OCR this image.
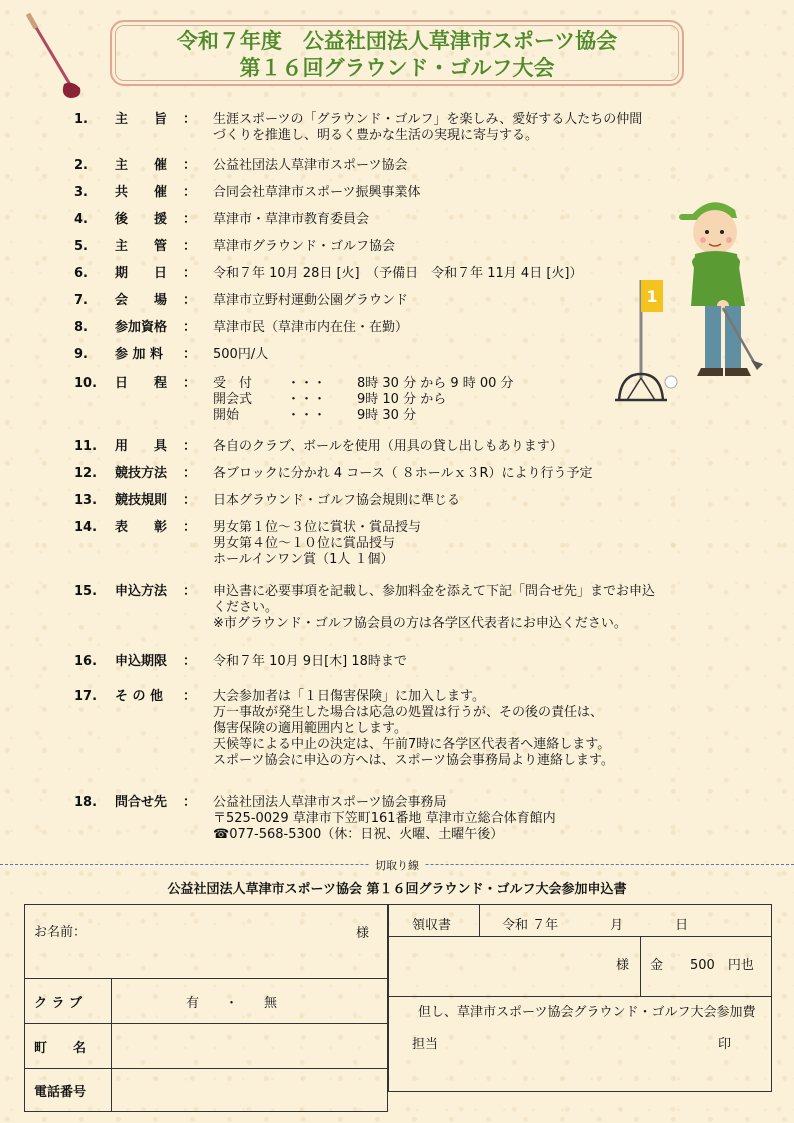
1
令和７年度　公益社団法人草津市スポーツ協会
第１６回グラウンド・ゴルフ大会
1. 主　　旨	： 生涯スポーツの「グラウンド・ゴルフ」を楽しみ、愛好する人たちの仲間
づくりを推進し、明るく豊かな生活の実現に寄与する。
2. 主　　催	： 公益社団法人草津市スポーツ協会
3. 共　　催	： 合同会社草津市スポーツ振興事業体
4. 後　　援	： 草津市・草津市教育委員会
5. 主　　管	： 草津市グラウンド・ゴルフ協会
6. 期　　日	： 令和７年 10月 28日 [火]　（予備日　令和７年 11月 4日 [火]）
7. 会　　場	： 草津市立野村運動公園グラウンド
8. 参加資格	： 草津市民（草津市内在住・在勤）
9. 参 加 料	： 500円/人
10. 日　　程	： 受　付	・・・	8時 30 分 から 9 時 00 分
開会式	・・・	9時 10 分 から
開始	・・・	9時 30 分
11. 用　　具	： 各自のクラブ、ボールを使用（用具の貸し出しもあります）
12. 競技方法	： 各ブロックに分かれ 4 コース（ ８ホールｘ３R）により行う予定
13. 競技規則	： 日本グラウンド・ゴルフ協会規則に準じる
14. 表　　彰	： 男女第１位～３位に賞状・賞品授与
男女第４位～１０位に賞品授与
ホールインワン賞（1人 １個）
15. 申込方法	： 申込書に必要事項を記載し、参加料金を添えて下記「問合せ先」までお申込
ください。
※市グラウンド・ゴルフ協会員の方は各学区代表者にお申込ください。
16. 申込期限	： 令和７年 10月 9日[木] 18時まで
17. そ の 他	： 大会参加者は「１日傷害保険」に加入します。
万一事故が発生した場合は応急の処置は行うが、その後の責任は、
傷害保険の適用範囲内とします。
天候等による中止の決定は、午前7時に各学区代表者へ連絡します。
スポーツ協会に申込の方へは、スポーツ協会事務局より連絡します。
18. 問合せ先	： 公益社団法人草津市スポーツ協会事務局
〒525-0029 草津市下笠町161番地 草津市立総合体育館内
☎077-568-5300（休：日祝、火曜、土曜午後）
切取り線
公益社団法人草津市スポーツ協会 第１６回グラウンド・ゴルフ大会参加申込書
お名前：	様
ク ラ ブ	有　　・　　無
町　　名
電話番号
領収書	令和 ７年　　　　月　　　　日
様 金 500　円也
但し、草津市スポーツ協会グラウンド・ゴルフ大会参加費
担当	印
